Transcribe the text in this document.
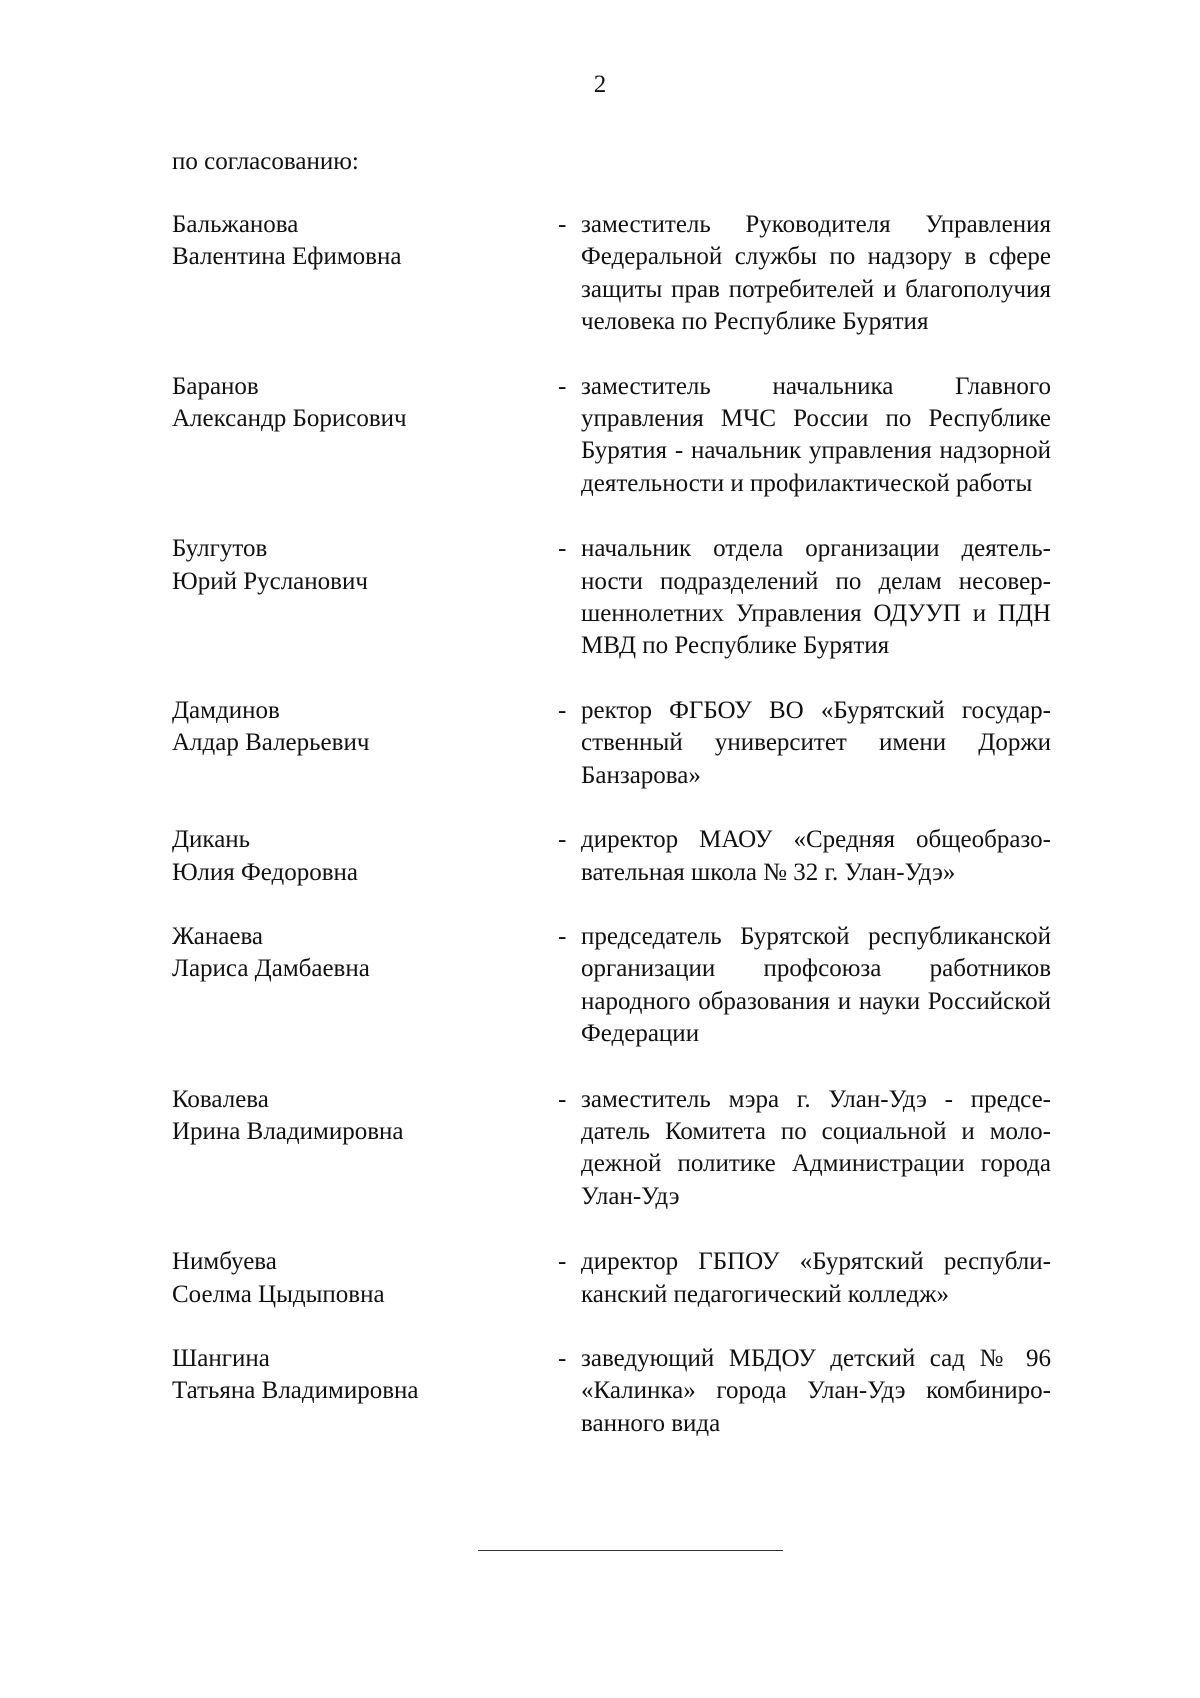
2
по согласованию:
Бальжанова
Валентина Ефимовна
- заместитель Руководителя Управления Федеральной службы по надзору в сфере защиты прав потребителей и благополучия человека по Республике Бурятия
Баранов
Александр Борисович
- заместитель начальника Главного управления МЧС России по Республике Бурятия - начальник управления надзорной деятельности и профилактической работы
Булгутов
Юрий Русланович
- начальник отдела организации деятельности подразделений по делам несовершеннолетних Управления ОДУУП и ПДН МВД по Республике Бурятия
Дамдинов
Алдар Валерьевич
- ректор ФГБОУ ВО «Бурятский государственный университет имени Доржи Банзарова»
Дикань
Юлия Федоровна
- директор МАОУ «Средняя общеобразовательная школа № 32 г. Улан-Удэ»
Жанаева
Лариса Дамбаевна
- председатель Бурятской республиканской организации профсоюза работников народного образования и науки Российской Федерации
Ковалева
Ирина Владимировна
- заместитель мэра г. Улан-Удэ - председатель Комитета по социальной и молодежной политике Администрации города Улан-Удэ
Нимбуева
Соелма Цыдыповна
- директор ГБПОУ «Бурятский республиканский педагогический колледж»
Шангина
Татьяна Владимировна
- заведующий МБДОУ детский сад № 96 «Калинка» города Улан-Удэ комбинированного вида
